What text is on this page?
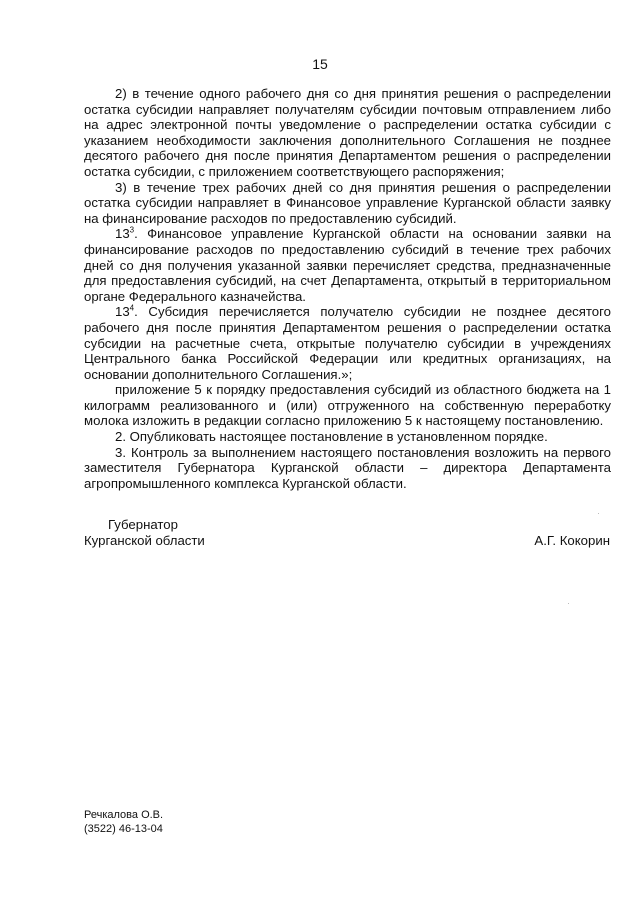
15

2) в течение одного рабочего дня со дня принятия решения о распределении остатка субсидии направляет получателям субсидии почтовым отправлением либо на адрес электронной почты уведомление о распределении остатка субсидии с указанием необходимости заключения дополнительного Соглашения не позднее десятого рабочего дня после принятия Департаментом решения о распределении остатка субсидии, с приложением соответствующего распоряжения;

3) в течение трех рабочих дней со дня принятия решения о распределении остатка субсидии направляет в Финансовое управление Курганской области заявку на финансирование расходов по предоставлению субсидий.

$13^3$. Финансовое управление Курганской области на основании заявки на финансирование расходов по предоставлению субсидий в течение трех рабочих дней со дня получения указанной заявки перечисляет средства, предназначенные для предоставления субсидий, на счет Департамента, открытый в территориальном органе Федерального казначейства.

$13^4$. Субсидия перечисляется получателю субсидии не позднее десятого рабочего дня после принятия Департаментом решения о распределении остатка субсидии на расчетные счета, открытые получателю субсидии в учреждениях Центрального банка Российской Федерации или кредитных организациях, на основании дополнительного Соглашения.»;

приложение 5 к порядку предоставления субсидий из областного бюджета на 1 килограмм реализованного и (или) отгруженного на собственную переработку молока изложить в редакции согласно приложению 5 к настоящему постановлению.

2. Опубликовать настоящее постановление в установленном порядке.

3. Контроль за выполнением настоящего постановления возложить на первого заместителя Губернатора Курганской области – директора Департамента агропромышленного комплекса Курганской области.

Губернатор
Курганской области	А.Г. Кокорин
Речкалова О.В.
(3522) 46-13-04
